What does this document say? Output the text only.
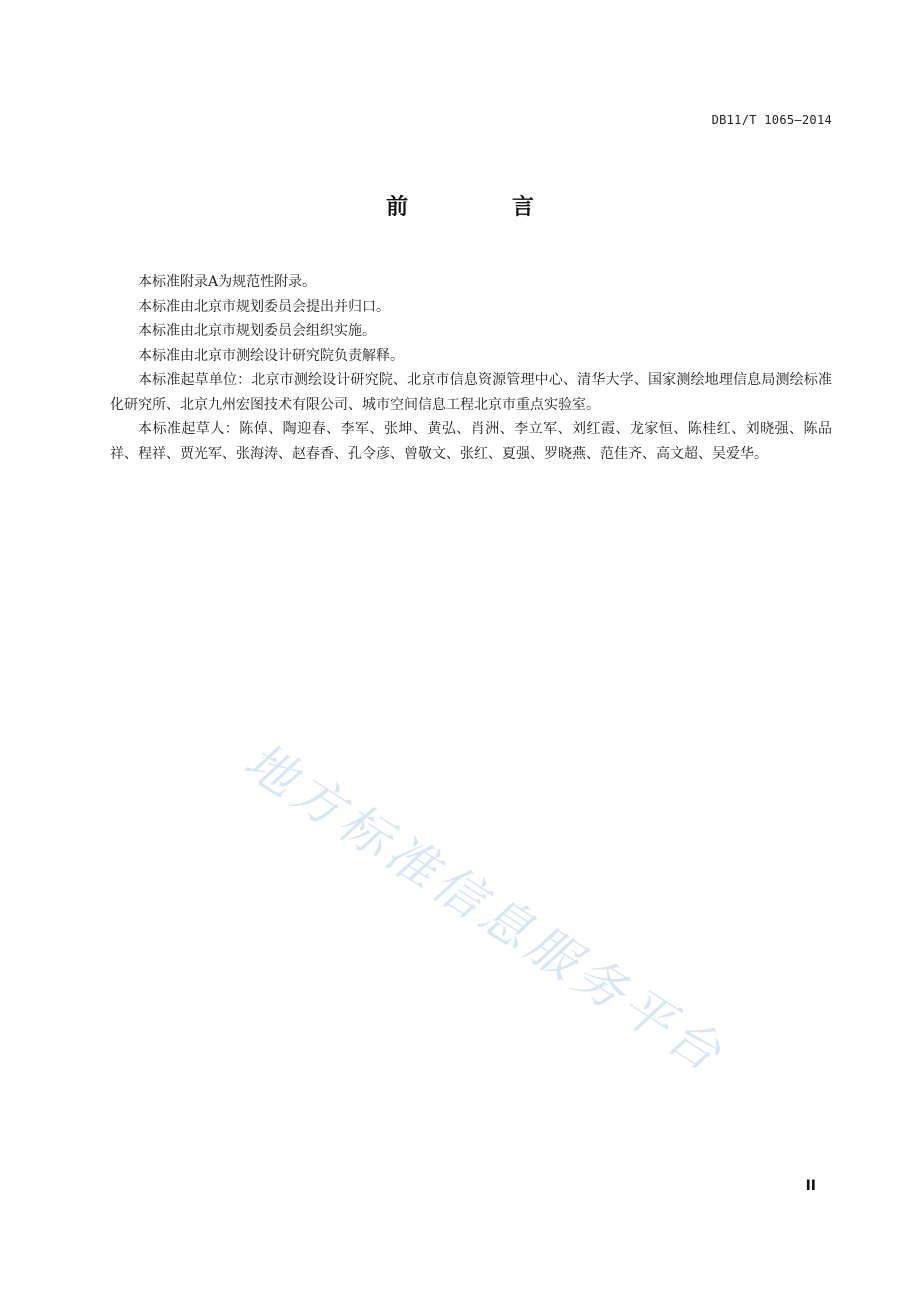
DB11/T 1065—2014
前 言

本标准附录A为规范性附录。

本标准由北京市规划委员会提出并归口。

本标准由北京市规划委员会组织实施。

本标准由北京市测绘设计研究院负责解释。

本标准起草单位：北京市测绘设计研究院、北京市信息资源管理中心、清华大学、国家测绘地理信息局测绘标准化研究所、北京九州宏图技术有限公司、城市空间信息工程北京市重点实验室。

本标准起草人：陈倬、陶迎春、李军、张坤、黄弘、肖洲、李立军、刘红霞、龙家恒、陈桂红、刘晓强、陈品祥、程祥、贾光军、张海涛、赵春香、孔令彦、曾敬文、张红、夏强、罗晓燕、范佳齐、高文超、吴爱华。

地方标准信息服务平台
II
